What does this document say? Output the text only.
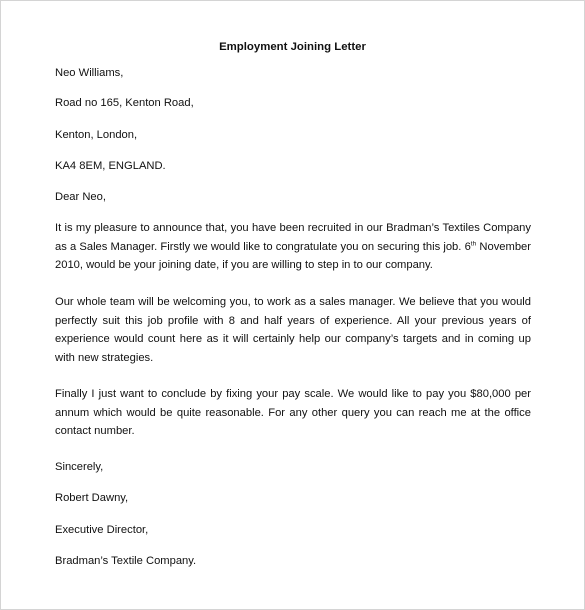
Employment Joining Letter
Neo Williams,
Road no 165, Kenton Road,
Kenton, London,
KA4 8EM, ENGLAND.
Dear Neo,

It is my pleasure to announce that, you have been recruited in our Bradman’s Textiles Company as a Sales Manager. Firstly we would like to congratulate you on securing this job. 6th November 2010, would be your joining date, if you are willing to step in to our company.

Our whole team will be welcoming you, to work as a sales manager. We believe that you would perfectly suit this job profile with 8 and half years of experience. All your previous years of experience would count here as it will certainly help our company’s targets and in coming up with new strategies.

Finally I just want to conclude by fixing your pay scale. We would like to pay you $80,000 per annum which would be quite reasonable. For any other query you can reach me at the office contact number.

Sincerely,
Robert Dawny,
Executive Director,
Bradman’s Textile Company.
